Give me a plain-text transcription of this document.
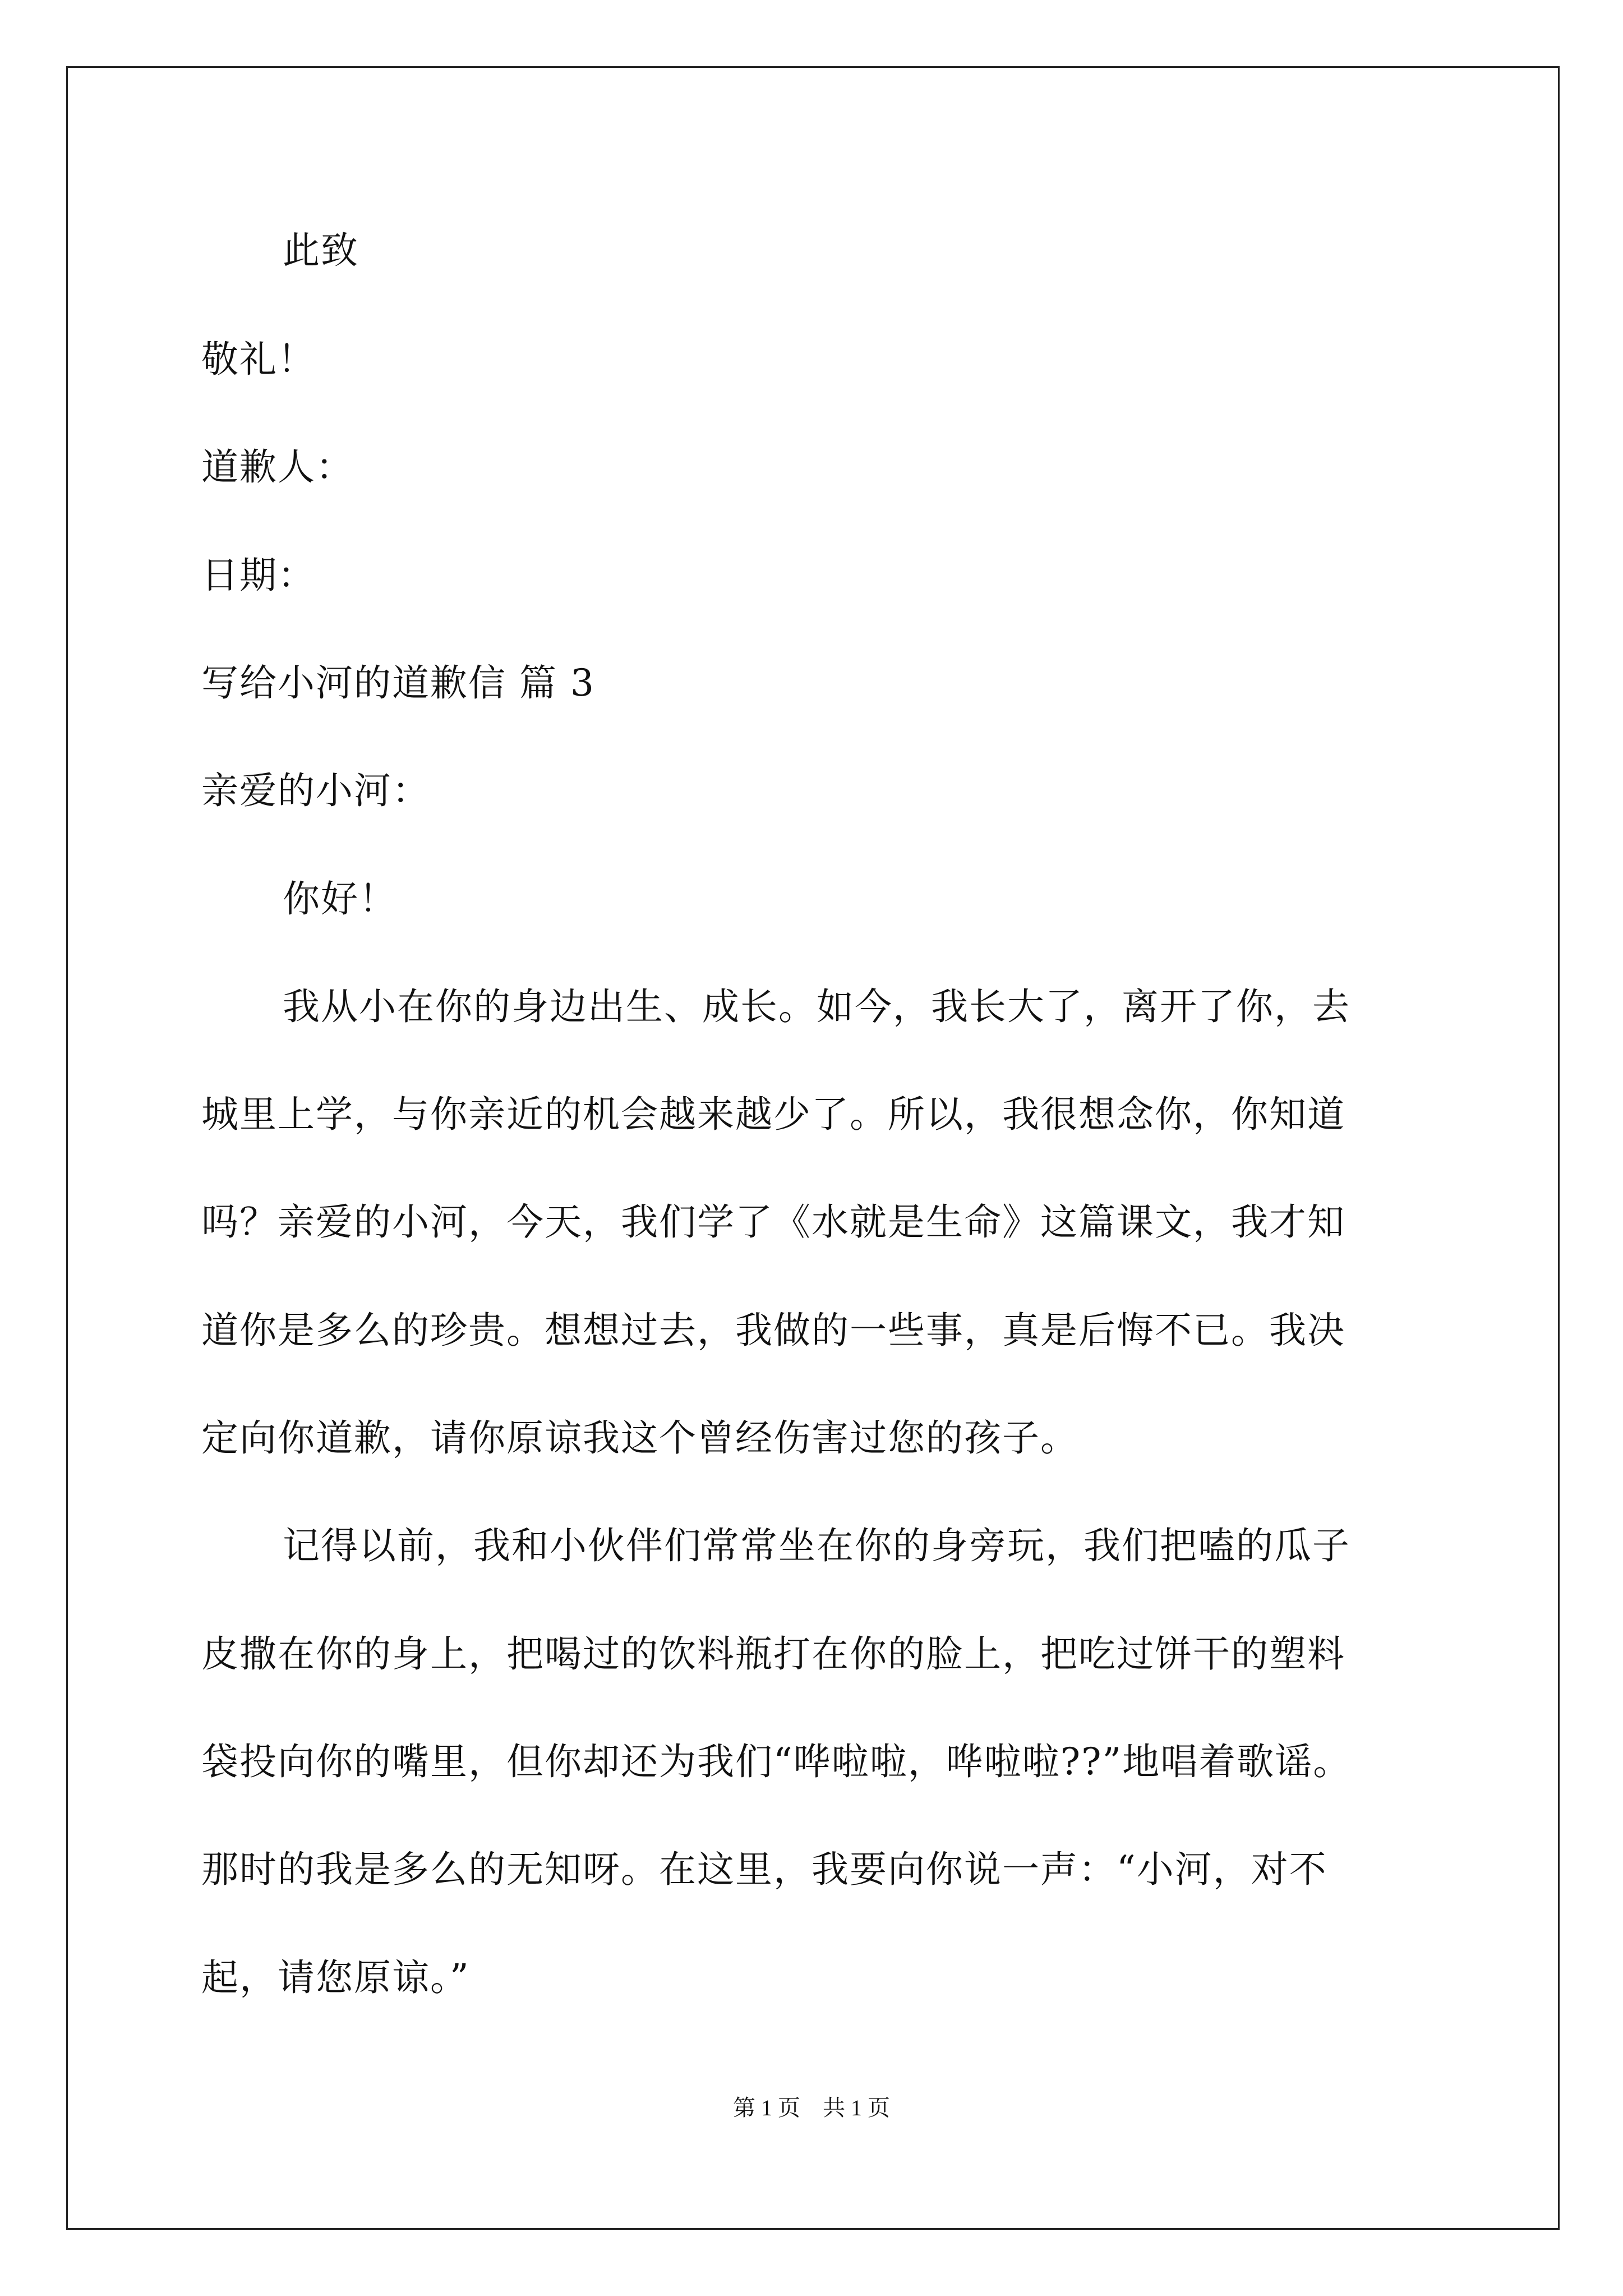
此致
敬礼！
道歉人：
日期：
写给小河的道歉信 篇 3
亲爱的小河：
你好！
我从小在你的身边出生、成长。如今，我长大了，离开了你，去
城里上学，与你亲近的机会越来越少了。所以，我很想念你，你知道
吗？亲爱的小河，今天，我们学了《水就是生命》这篇课文，我才知
道你是多么的珍贵。想想过去，我做的一些事，真是后悔不已。我决
定向你道歉，请你原谅我这个曾经伤害过您的孩子。
记得以前，我和小伙伴们常常坐在你的身旁玩，我们把嗑的瓜子
皮撒在你的身上，把喝过的饮料瓶打在你的脸上，把吃过饼干的塑料
袋投向你的嘴里，但你却还为我们“哗啦啦，哗啦啦??”地唱着歌谣。
那时的我是多么的无知呀。在这里，我要向你说一声：“小河，对不
起，请您原谅。”
第 1 页　共 1 页
